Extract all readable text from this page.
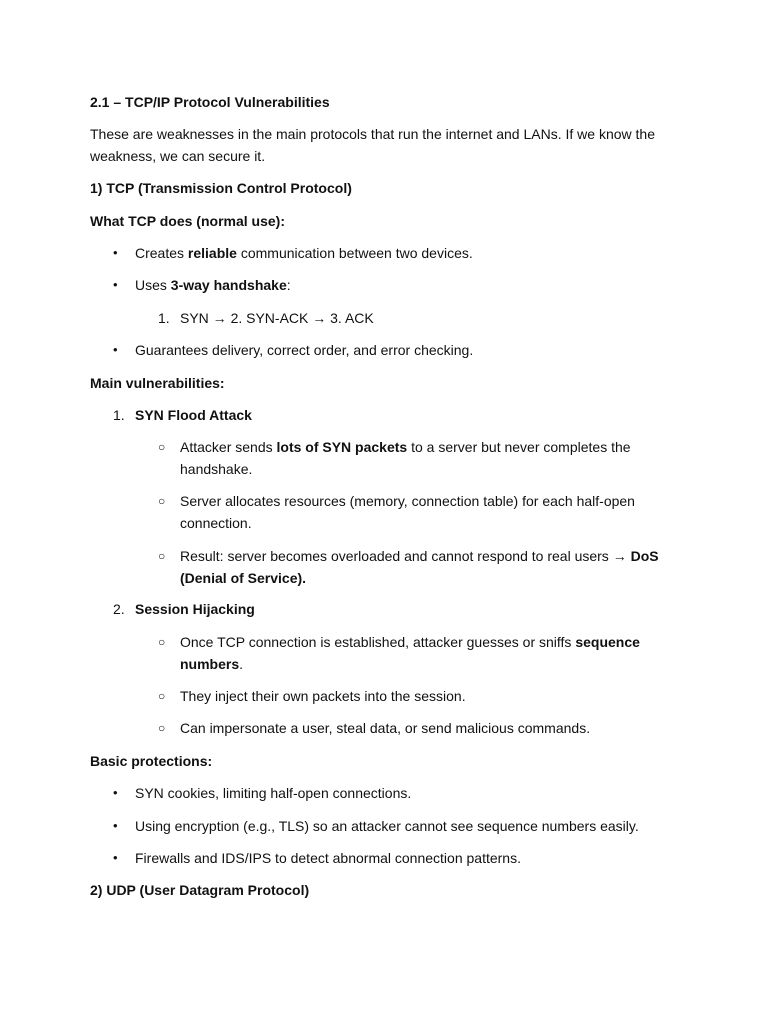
2.1 – TCP/IP Protocol Vulnerabilities

These are weaknesses in the main protocols that run the internet and LANs. If we know the weakness, we can secure it.

1) TCP (Transmission Control Protocol)

What TCP does (normal use):

• Creates reliable communication between two devices.
• Uses 3-way handshake:
1. SYN → 2. SYN-ACK → 3. ACK
• Guarantees delivery, correct order, and error checking.

Main vulnerabilities:

1. SYN Flood Attack
○ Attacker sends lots of SYN packets to a server but never completes the handshake.
○ Server allocates resources (memory, connection table) for each half-open connection.
○ Result: server becomes overloaded and cannot respond to real users → DoS (Denial of Service).
2. Session Hijacking
○ Once TCP connection is established, attacker guesses or sniffs sequence numbers.
○ They inject their own packets into the session.
○ Can impersonate a user, steal data, or send malicious commands.

Basic protections:

• SYN cookies, limiting half-open connections.
• Using encryption (e.g., TLS) so an attacker cannot see sequence numbers easily.
• Firewalls and IDS/IPS to detect abnormal connection patterns.

2) UDP (User Datagram Protocol)
